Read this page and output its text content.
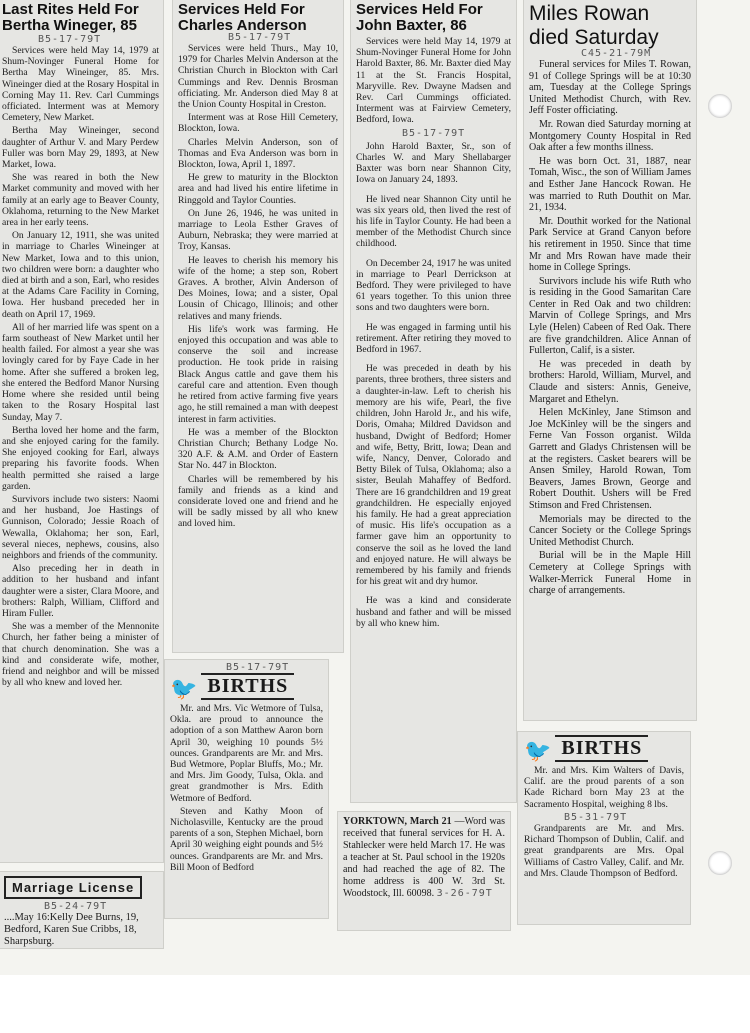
Last Rites Held For Bertha Wineger, 85
B5-17-79T

Services were held May 14, 1979 at Shum-Novinger Funeral Home for Bertha May Wineinger, 85. Mrs. Wineinger died at the Rosary Hospital in Corning May 11. Rev. Carl Cummings officiated. Interment was at Memory Cemetery, New Market.

Bertha May Wineinger, second daughter of Arthur V. and Mary Perdew Fuller was born May 29, 1893, at New Market, Iowa.

She was reared in both the New Market community and moved with her family at an early age to Beaver County, Oklahoma, returning to the New Market area in her early teens.

On January 12, 1911, she was united in marriage to Charles Wineinger at New Market, Iowa and to this union, two children were born: a daughter who died at birth and a son, Earl, who resides at the Adams Care Facility in Corning, Iowa. Her husband preceded her in death on April 17, 1969.

All of her married life was spent on a farm southeast of New Market until her health failed. For almost a year she was lovingly cared for by Faye Cade in her home. After she suffered a broken leg, she entered the Bedford Manor Nursing Home where she resided until being taken to the Rosary Hospital last Sunday, May 7.

Bertha loved her home and the farm, and she enjoyed caring for the family. She enjoyed cooking for Earl, always preparing his favorite foods. When health permitted she raised a large garden.

Survivors include two sisters: Naomi and her husband, Joe Hastings of Gunnison, Colorado; Jessie Roach of Wewalla, Oklahoma; her son, Earl, several nieces, nephews, cousins, also neighbors and friends of the community.

Also preceding her in death in addition to her husband and infant daughter were a sister, Clara Moore, and brothers: Ralph, William, Clifford and Hiram Fuller.

She was a member of the Mennonite Church, her father being a minister of that church denomination. She was a kind and considerate wife, mother, friend and neighbor and will be missed by all who knew and loved her.

Marriage License
B5-24-79T
....May 16:Kelly Dee Burns, 19, Bedford, Karen Sue Cribbs, 18, Sharpsburg.
Services Held For Charles Anderson
B5-17-79T

Services were held Thurs., May 10, 1979 for Charles Melvin Anderson at the Christian Church in Blockton with Carl Cummings and Rev. Dennis Brosman officiating. Mr. Anderson died May 8 at the Union County Hospital in Creston.

Interment was at Rose Hill Cemetery, Blockton, Iowa.

Charles Melvin Anderson, son of Thomas and Eva Anderson was born in Blockton, Iowa, April 1, 1897.

He grew to maturity in the Blockton area and had lived his entire lifetime in Ringgold and Taylor Counties.

On June 26, 1946, he was united in marriage to Leola Esther Graves of Auburn, Nebraska; they were married at Troy, Kansas.

He leaves to cherish his memory his wife of the home; a step son, Robert Graves. A brother, Alvin Anderson of Des Moines, Iowa; and a sister, Opal Lousin of Chicago, Illinois; and other relatives and many friends.

His life's work was farming. He enjoyed this occupation and was able to conserve the soil and increase production. He took pride in raising Black Angus cattle and gave them his careful care and attention. Even though he retired from active farming five years ago, he still remained a man with deepest interest in farm activities.

He was a member of the Blockton Christian Church; Bethany Lodge No. 320 A.F. & A.M. and Order of Eastern Star No. 447 in Blockton.

Charles will be remembered by his family and friends as a kind and considerate loved one and friend and he will be sadly missed by all who knew and loved him.

B5-17-79T
🐦 BIRTHS

Mr. and Mrs. Vic Wetmore of Tulsa, Okla. are proud to announce the adoption of a son Matthew Aaron born April 30, weighing 10 pounds 5½ ounces. Grandparents are Mr. and Mrs. Bud Wetmore, Poplar Bluffs, Mo.; Mr. and Mrs. Jim Goody, Tulsa, Okla. and great grandmother is Mrs. Edith Wetmore of Bedford.

Steven and Kathy Moon of Nicholasville, Kentucky are the proud parents of a son, Stephen Michael, born April 30 weighing eight pounds and 5½ ounces. Grandparents are Mr. and Mrs. Bill Moon of Bedford

Services Held For John Baxter, 86

Services were held May 14, 1979 at Shum-Novinger Funeral Home for John Harold Baxter, 86. Mr. Baxter died May 11 at the St. Francis Hospital, Maryville. Rev. Dwayne Madsen and Rev. Carl Cummings officiated. Interment was at Fairview Cemetery, Bedford, Iowa.

B5-17-79T

John Harold Baxter, Sr., son of Charles W. and Mary Shellabarger Baxter was born near Shannon City, Iowa on January 24, 1893.

He lived near Shannon City until he was six years old, then lived the rest of his life in Taylor County. He had been a member of the Methodist Church since childhood.

On December 24, 1917 he was united in marriage to Pearl Derrickson at Bedford. They were privileged to have 61 years together. To this union three sons and two daughters were born.

He was engaged in farming until his retirement. After retiring they moved to Bedford in 1967.

He was preceded in death by his parents, three brothers, three sisters and a daughter-in-law. Left to cherish his memory are his wife, Pearl, the five children, John Harold Jr., and his wife, Doris, Omaha; Mildred Davidson and husband, Dwight of Bedford; Homer and wife, Betty, Britt, Iowa; Dean and wife, Nancy, Denver, Colorado and Betty Bilek of Tulsa, Oklahoma; also a sister, Beulah Mahaffey of Bedford. There are 16 grandchildren and 19 great grandchildren. He especially enjoyed his family. He had a great appreciation of music. His life's occupation as a farmer gave him an opportunity to conserve the soil as he loved the land and enjoyed nature. He will always be remembered by his family and friends for his great wit and dry humor.

He was a kind and considerate husband and father and will be missed by all who knew him.

YORKTOWN, March 21 —Word was received that funeral services for H. A. Stahlecker were held March 17. He was a teacher at St. Paul school in the 1920s and had reached the age of 82. The home address is 400 W. 3rd St. Woodstock, Ill. 60098. 3-26-79T
Miles Rowan died Saturday
C45-21-79M

Funeral services for Miles T. Rowan, 91 of College Springs will be at 10:30 am, Tuesday at the College Springs United Methodist Church, with Rev. Jeff Foster officiating.

Mr. Rowan died Saturday morning at Montgomery County Hospital in Red Oak after a few months illness.

He was born Oct. 31, 1887, near Tomah, Wisc., the son of William James and Esther Jane Hancock Rowan. He was married to Ruth Douthit on Mar. 21, 1934.

Mr. Douthit worked for the National Park Service at Grand Canyon before his retirement in 1950. Since that time Mr and Mrs Rowan have made their home in College Springs.

Survivors include his wife Ruth who is residing in the Good Samaritan Care Center in Red Oak and two children: Marvin of College Springs, and Mrs Lyle (Helen) Cabeen of Red Oak. There are five grandchildren. Alice Annan of Fullerton, Calif, is a sister.

He was preceded in death by brothers: Harold, William, Murvel, and Claude and sisters: Annis, Geneive, Margaret and Ethelyn.

Helen McKinley, Jane Stimson and Joe McKinley will be the singers and Ferne Van Fosson organist. Wilda Garrett and Gladys Christensen will be at the registers. Casket bearers will be Ansen Smiley, Harold Rowan, Tom Beavers, James Brown, George and Robert Douthit. Ushers will be Fred Stimson and Fred Christensen.

Memorials may be directed to the Cancer Society or the College Springs United Methodist Church.

Burial will be in the Maple Hill Cemetery at College Springs with Walker-Merrick Funeral Home in charge of arrangements.

🐦 BIRTHS

Mr. and Mrs. Kim Walters of Davis, Calif. are the proud parents of a son Kade Richard born May 23 at the Sacramento Hospital, weighing 8 lbs.

B5-31-79T

Grandparents are Mr. and Mrs. Richard Thompson of Dublin, Calif. and great grandparents are Mrs. Opal Williams of Castro Valley, Calif. and Mr. and Mrs. Claude Thompson of Bedford.
